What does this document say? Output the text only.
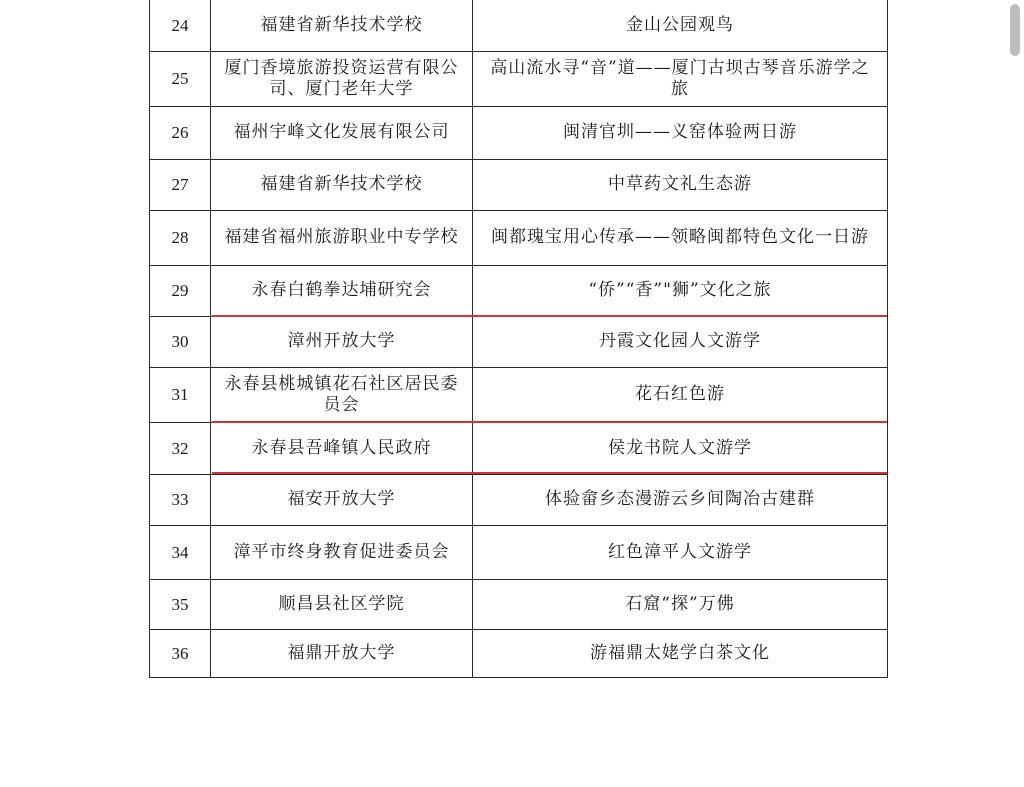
24	福建省新华技术学校	金山公园观鸟
25	厦门香境旅游投资运营有限公司、厦门老年大学	高山流水寻“音”道——厦门古坝古琴音乐游学之旅
26	福州宇峰文化发展有限公司	闽清官圳——义窑体验两日游
27	福建省新华技术学校	中草药文礼生态游
28	福建省福州旅游职业中专学校	闽都瑰宝用心传承——领略闽都特色文化一日游
29	永春白鹤拳达埔研究会	“侨”“香”"狮”文化之旅
30	漳州开放大学	丹霞文化园人文游学
31	永春县桃城镇花石社区居民委员会	花石红色游
32	永春县吾峰镇人民政府	侯龙书院人文游学
33	福安开放大学	体验畲乡态漫游云乡间陶冶古建群
34	漳平市终身教育促进委员会	红色漳平人文游学
35	顺昌县社区学院	石窟“探”万佛
36	福鼎开放大学	游福鼎太姥学白茶文化
